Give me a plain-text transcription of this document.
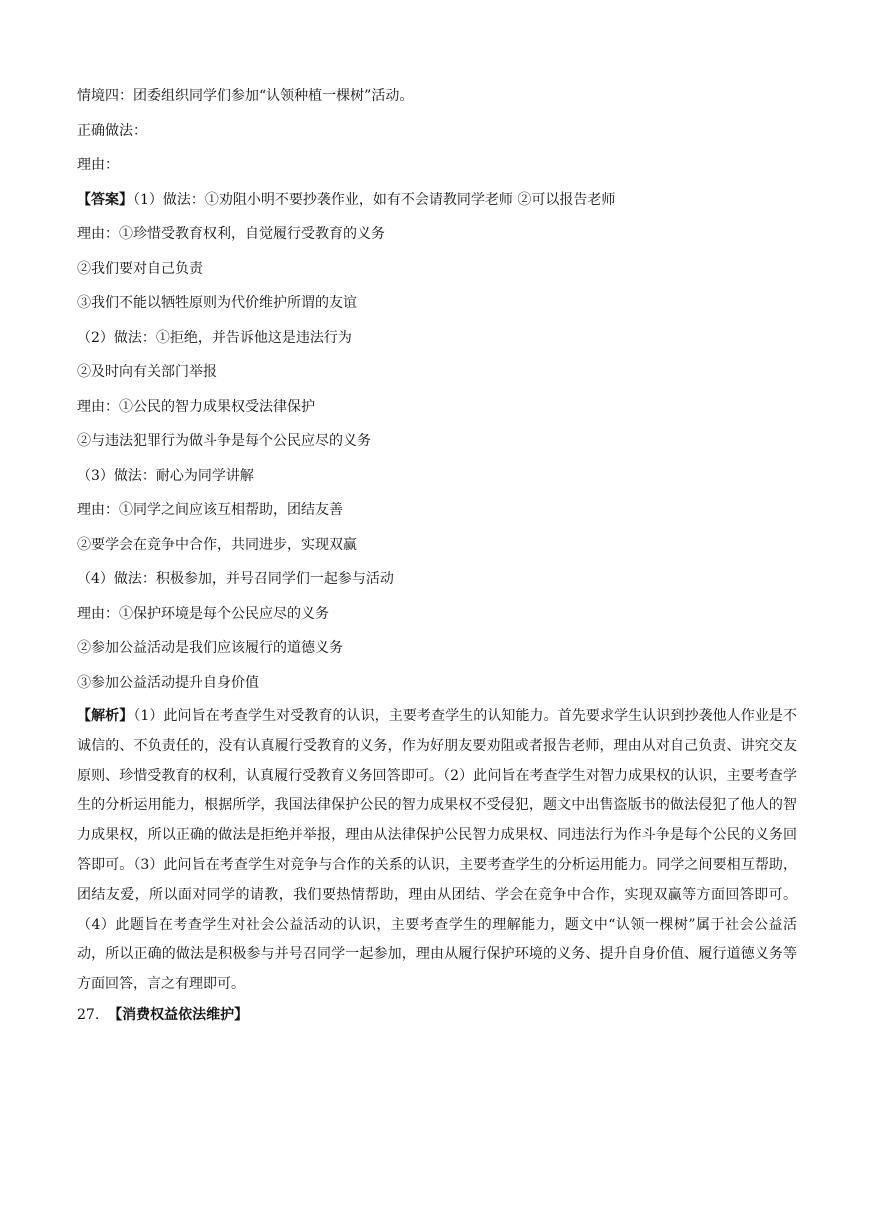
情境四：团委组织同学们参加“认领种植一棵树”活动。
正确做法：
理由：
【答案】（1）做法：①劝阻小明不要抄袭作业，如有不会请教同学老师 ②可以报告老师
理由：①珍惜受教育权利，自觉履行受教育的义务
②我们要对自己负责
③我们不能以牺牲原则为代价维护所谓的友谊
（2）做法：①拒绝，并告诉他这是违法行为
②及时向有关部门举报
理由：①公民的智力成果权受法律保护
②与违法犯罪行为做斗争是每个公民应尽的义务
（3）做法：耐心为同学讲解
理由：①同学之间应该互相帮助，团结友善
②要学会在竞争中合作，共同进步，实现双赢
（4）做法：积极参加，并号召同学们一起参与活动
理由：①保护环境是每个公民应尽的义务
②参加公益活动是我们应该履行的道德义务
③参加公益活动提升自身价值
【解析】（1）此问旨在考查学生对受教育的认识，主要考查学生的认知能力。首先要求学生认识到抄袭他人作业是不诚信的、不负责任的，没有认真履行受教育的义务，作为好朋友要劝阻或者报告老师，理由从对自己负责、讲究交友原则、珍惜受教育的权利，认真履行受教育义务回答即可。（2）此问旨在考查学生对智力成果权的认识，主要考查学生的分析运用能力，根据所学，我国法律保护公民的智力成果权不受侵犯，题文中出售盗版书的做法侵犯了他人的智力成果权，所以正确的做法是拒绝并举报，理由从法律保护公民智力成果权、同违法行为作斗争是每个公民的义务回答即可。（3）此问旨在考查学生对竞争与合作的关系的认识，主要考查学生的分析运用能力。同学之间要相互帮助，团结友爱，所以面对同学的请教，我们要热情帮助，理由从团结、学会在竞争中合作，实现双赢等方面回答即可。（4）此题旨在考查学生对社会公益活动的认识，主要考查学生的理解能力，题文中“认领一棵树”属于社会公益活动，所以正确的做法是积极参与并号召同学一起参加，理由从履行保护环境的义务、提升自身价值、履行道德义务等方面回答，言之有理即可。
27. 【消费权益依法维护】
